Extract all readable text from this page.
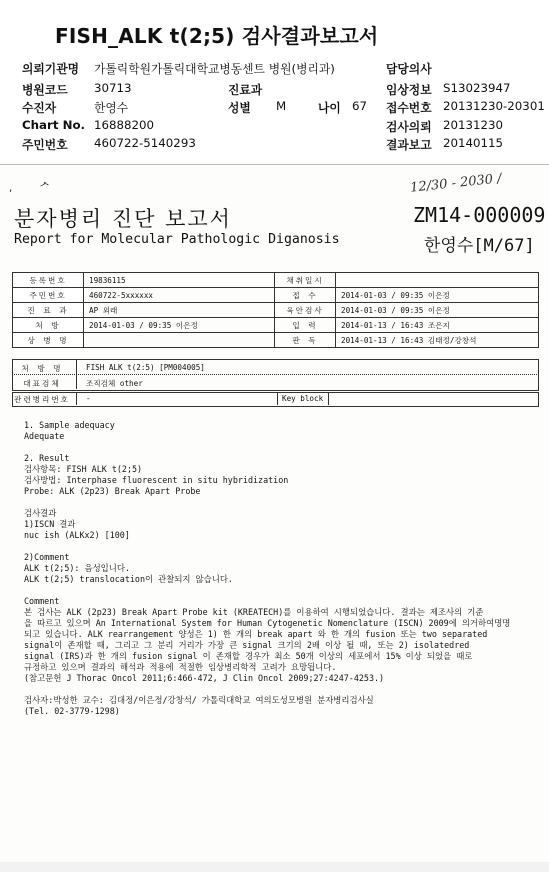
FISH_ALK t(2;5) 검사결과보고서
의뢰기관명 가톨릭학원가톨릭대학교병동센트 병원(병리과)
병원코드 30713
수진자	한영수
Chart No. 16888200
주민번호 460722-5140293
진료과
성별 M	나이 67
담당의사
임상정보 S13023947
접수번호 20131230-20301
검사의뢰 20131230
결과보고 20140115
, ᄼ	12/30 - 2030 /
분자병리 진단 보고서
Report for Molecular Pathologic Diganosis
ZM14-000009
한영수[M/67]
등록번호	19836115	채취일시	
주민번호	460722-5xxxxxx	접 수	2014-01-03 / 09:35 이은정
진 료 과	AP 외래	육안검사	2014-01-03 / 09:35 이은정
처 방	2014-01-03 / 09:35 이은정	입 력	2014-01-13 / 16:43 조은지
상 병 명		판 독	2014-01-13 / 16:43 김태정/강창석
처 방 명	FISH ALK t(2:5) [PM004005]
대표검체	조직검체 other
관련병리번호 -	Key block
1. Sample adequacy
Adequate
2. Result
검사항목: FISH ALK t(2;5)
검사방법: Interphase fluorescent in situ hybridization
Probe: ALK (2p23) Break Apart Probe
검사결과
1)ISCN 결과
nuc ish (ALKx2) [100]
2)Comment
ALK t(2;5): 음성입니다.
ALK t(2;5) translocation이 관찰되지 않습니다.
Comment
본 검사는 ALK (2p23) Break Apart Probe kit (KREATECH)를 이용하여 시행되었습니다. 결과는 제조사의 기준
을 따르고 있으며 An International System for Human Cytogenetic Nomenclature (ISCN) 2009에 의거하여명명
되고 있습니다. ALK rearrangement 양성은 1) 한 개의 break apart 와 한 개의 fusion 또는 two separated
signal이 존재할 때, 그리고 그 분리 거리가 가장 큰 signal 크기의 2배 이상 될 때, 또는 2) isolatedred
signal (IRS)과 한 개의 fusion signal 이 존재할 경우가 최소 50개 이상의 세포에서 15% 이상 되었을 때로
규정하고 있으며 결과의 해석과 적용에 적절한 임상병리학적 고려가 요망됩니다.
(참고문헌 J Thorac Oncol 2011;6:466-472, J Clin Oncol 2009;27:4247-4253.)
검사자:박성한 교수: 김대정/이은정/강창석/ 가톨릭대학교 여의도성모병원 분자병리검사실
(Tel. 02-3779-1298)
